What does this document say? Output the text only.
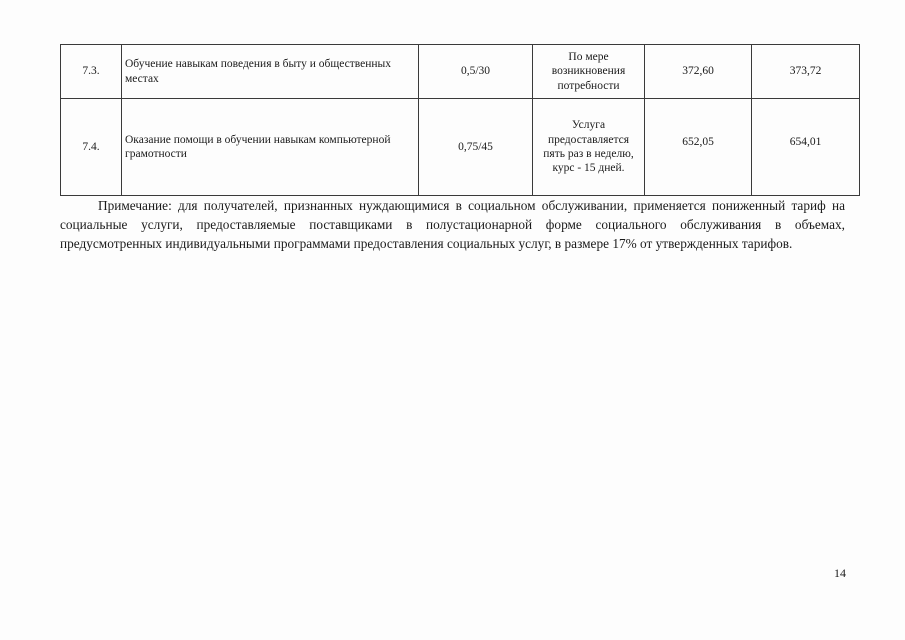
7.3.	Обучение навыкам поведения в быту и общественных местах	0,5/30	По мере возникновения потребности	372,60	373,72
7.4.	Оказание помощи в обучении навыкам компьютерной грамотности	0,75/45	Услуга предоставляется пять раз в неделю, курс - 15 дней.	652,05	654,01

Примечание: для получателей, признанных нуждающимися в социальном обслуживании, применяется пониженный тариф на социальные услуги, предоставляемые поставщиками в полустационарной форме социального обслуживания в объемах, предусмотренных индивидуальными программами предоставления социальных услуг, в размере 17% от утвержденных тарифов.

14
